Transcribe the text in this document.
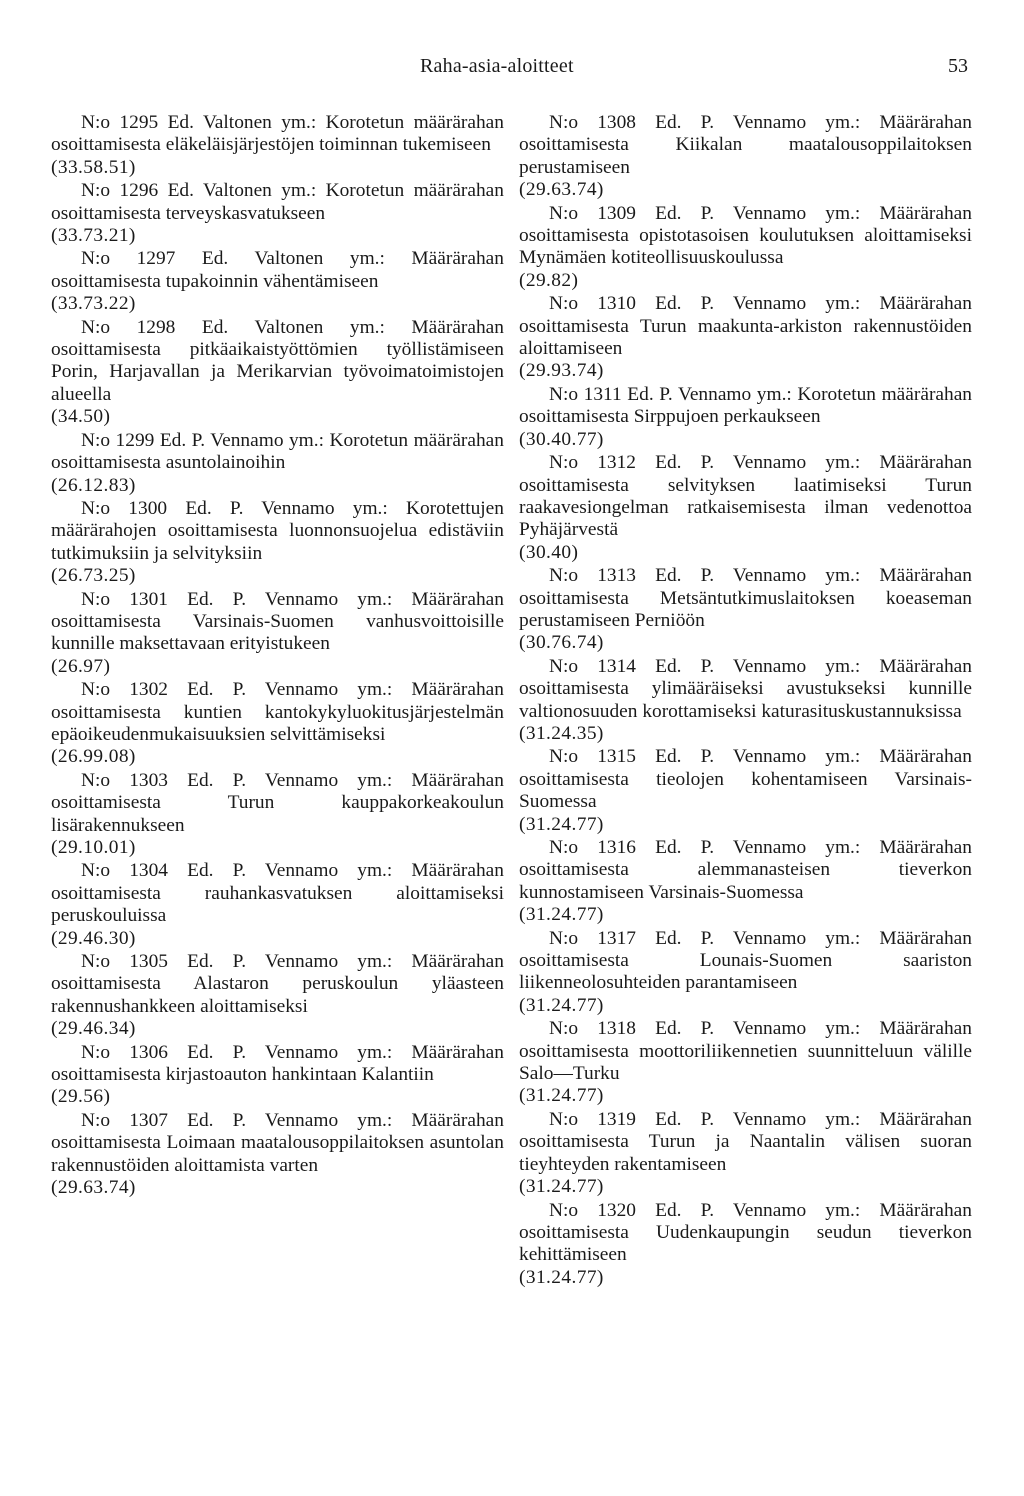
Raha-asia-aloitteet	53
N:o 1295 Ed. Valtonen ym.: Korotetun määrärahan osoittamisesta eläkeläisjärjestöjen toiminnan tukemiseen
(33.58.51)
N:o 1296 Ed. Valtonen ym.: Korotetun määrärahan osoittamisesta terveyskasvatukseen
(33.73.21)
N:o 1297 Ed. Valtonen ym.: Määrärahan osoittamisesta tupakoinnin vähentämiseen
(33.73.22)
N:o 1298 Ed. Valtonen ym.: Määrärahan osoittamisesta pitkäaikaistyöttömien työllistämiseen Porin, Harjavallan ja Merikarvian työvoimatoimistojen alueella
(34.50)
N:o 1299 Ed. P. Vennamo ym.: Korotetun määrärahan osoittamisesta asuntolainoihin
(26.12.83)
N:o 1300 Ed. P. Vennamo ym.: Korotettujen määrärahojen osoittamisesta luonnonsuojelua edistäviin tutkimuksiin ja selvityksiin
(26.73.25)
N:o 1301 Ed. P. Vennamo ym.: Määrärahan osoittamisesta Varsinais-Suomen vanhusvoittoisille kunnille maksettavaan erityistukeen
(26.97)
N:o 1302 Ed. P. Vennamo ym.: Määrärahan osoittamisesta kuntien kantokykyluokitusjärjestelmän epäoikeudenmukaisuuksien selvittämiseksi
(26.99.08)
N:o 1303 Ed. P. Vennamo ym.: Määrärahan osoittamisesta Turun kauppakorkeakoulun lisärakennukseen
(29.10.01)
N:o 1304 Ed. P. Vennamo ym.: Määrärahan osoittamisesta rauhankasvatuksen aloittamiseksi peruskouluissa
(29.46.30)
N:o 1305 Ed. P. Vennamo ym.: Määrärahan osoittamisesta Alastaron peruskoulun yläasteen rakennushankkeen aloittamiseksi
(29.46.34)
N:o 1306 Ed. P. Vennamo ym.: Määrärahan osoittamisesta kirjastoauton hankintaan Kalantiin
(29.56)
N:o 1307 Ed. P. Vennamo ym.: Määrärahan osoittamisesta Loimaan maatalousoppilaitoksen asuntolan rakennustöiden aloittamista varten
(29.63.74)
N:o 1308 Ed. P. Vennamo ym.: Määrärahan osoittamisesta Kiikalan maatalousoppilaitoksen perustamiseen
(29.63.74)
N:o 1309 Ed. P. Vennamo ym.: Määrärahan osoittamisesta opistotasoisen koulutuksen aloittamiseksi Mynämäen kotiteollisuuskoulussa
(29.82)
N:o 1310 Ed. P. Vennamo ym.: Määrärahan osoittamisesta Turun maakunta-arkiston rakennustöiden aloittamiseen
(29.93.74)
N:o 1311 Ed. P. Vennamo ym.: Korotetun määrärahan osoittamisesta Sirppujoen perkaukseen
(30.40.77)
N:o 1312 Ed. P. Vennamo ym.: Määrärahan osoittamisesta selvityksen laatimiseksi Turun raakavesiongelman ratkaisemisesta ilman vedenottoa Pyhäjärvestä
(30.40)
N:o 1313 Ed. P. Vennamo ym.: Määrärahan osoittamisesta Metsäntutkimuslaitoksen koeaseman perustamiseen Perniöön
(30.76.74)
N:o 1314 Ed. P. Vennamo ym.: Määrärahan osoittamisesta ylimääräiseksi avustukseksi kunnille valtionosuuden korottamiseksi katurasituskustannuksissa
(31.24.35)
N:o 1315 Ed. P. Vennamo ym.: Määrärahan osoittamisesta tieolojen kohentamiseen Varsinais-Suomessa
(31.24.77)
N:o 1316 Ed. P. Vennamo ym.: Määrärahan osoittamisesta alemmanasteisen tieverkon kunnostamiseen Varsinais-Suomessa
(31.24.77)
N:o 1317 Ed. P. Vennamo ym.: Määrärahan osoittamisesta Lounais-Suomen saariston liikenneolosuhteiden parantamiseen
(31.24.77)
N:o 1318 Ed. P. Vennamo ym.: Määrärahan osoittamisesta moottoriliikennetien suunnitteluun välille Salo—Turku
(31.24.77)
N:o 1319 Ed. P. Vennamo ym.: Määrärahan osoittamisesta Turun ja Naantalin välisen suoran tieyhteyden rakentamiseen
(31.24.77)
N:o 1320 Ed. P. Vennamo ym.: Määrärahan osoittamisesta Uudenkaupungin seudun tieverkon kehittämiseen
(31.24.77)
